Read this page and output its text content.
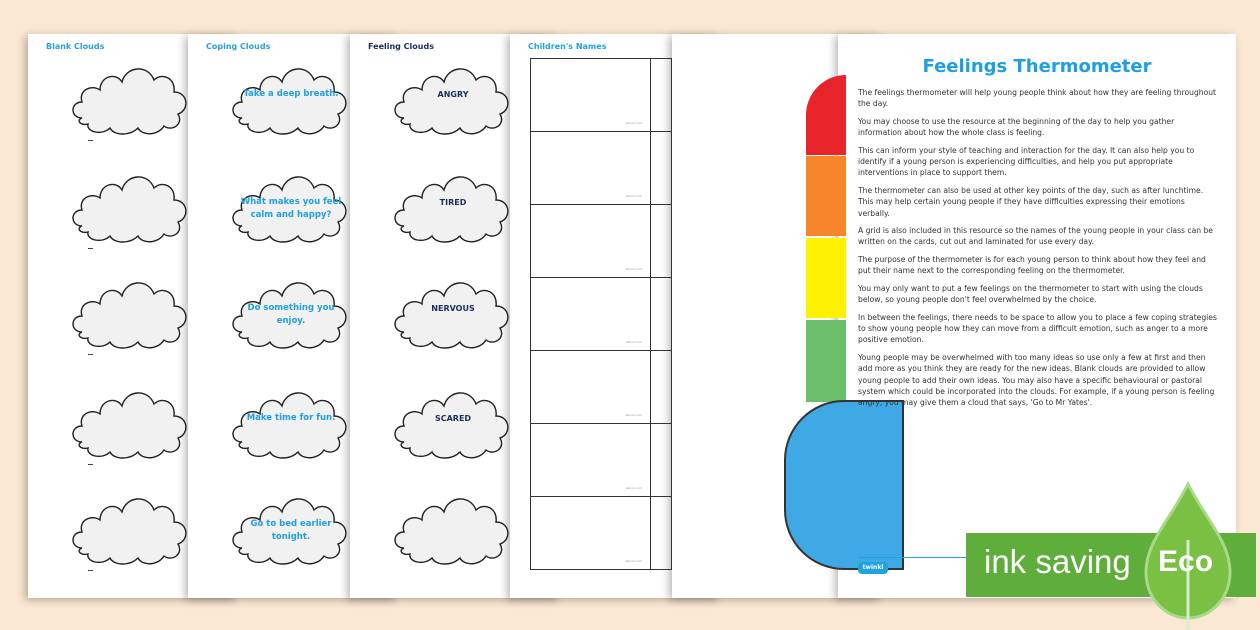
Blank Clouds	Coping Clouds	Feeling Clouds	Children's Names
Take a deep breath.
What makes you feel calm and happy?
Do something you enjoy.
Make time for fun.
Go to bed earlier tonight.
ANGRY
TIRED
NERVOUS
SCARED
twinkl.com
twinkl.com
twinkl.com
twinkl.com
twinkl.com
twinkl.com
twinkl.com
Feelings Thermometer

The feelings thermometer will help young people think about how they are feeling throughout the day.

You may choose to use the resource at the beginning of the day to help you gather information about how the whole class is feeling.

This can inform your style of teaching and interaction for the day. It can also help you to identify if a young person is experiencing difficulties, and help you put appropriate interventions in place to support them.

The thermometer can also be used at other key points of the day, such as after lunchtime. This may help certain young people if they have difficulties expressing their emotions verbally.

A grid is also included in this resource so the names of the young people in your class can be written on the cards, cut out and laminated for use every day.

The purpose of the thermometer is for each young person to think about how they feel and put their name next to the corresponding feeling on the thermometer.

You may only want to put a few feelings on the thermometer to start with using the clouds below, so young people don't feel overwhelmed by the choice.

In between the feelings, there needs to be space to allow you to place a few coping strategies to show young people how they can move from a difficult emotion, such as anger to a more positive emotion.

Young people may be overwhelmed with too many ideas so use only a few at first and then add more as you think they are ready for the new ideas. Blank clouds are provided to allow young people to add their own ideas. You may also have a specific behavioural or pastoral system which could be incorporated into the clouds. For example, if a young person is feeling angry, you may give them a cloud that says, 'Go to Mr Yates'.

twinkl	ink saving Eco
